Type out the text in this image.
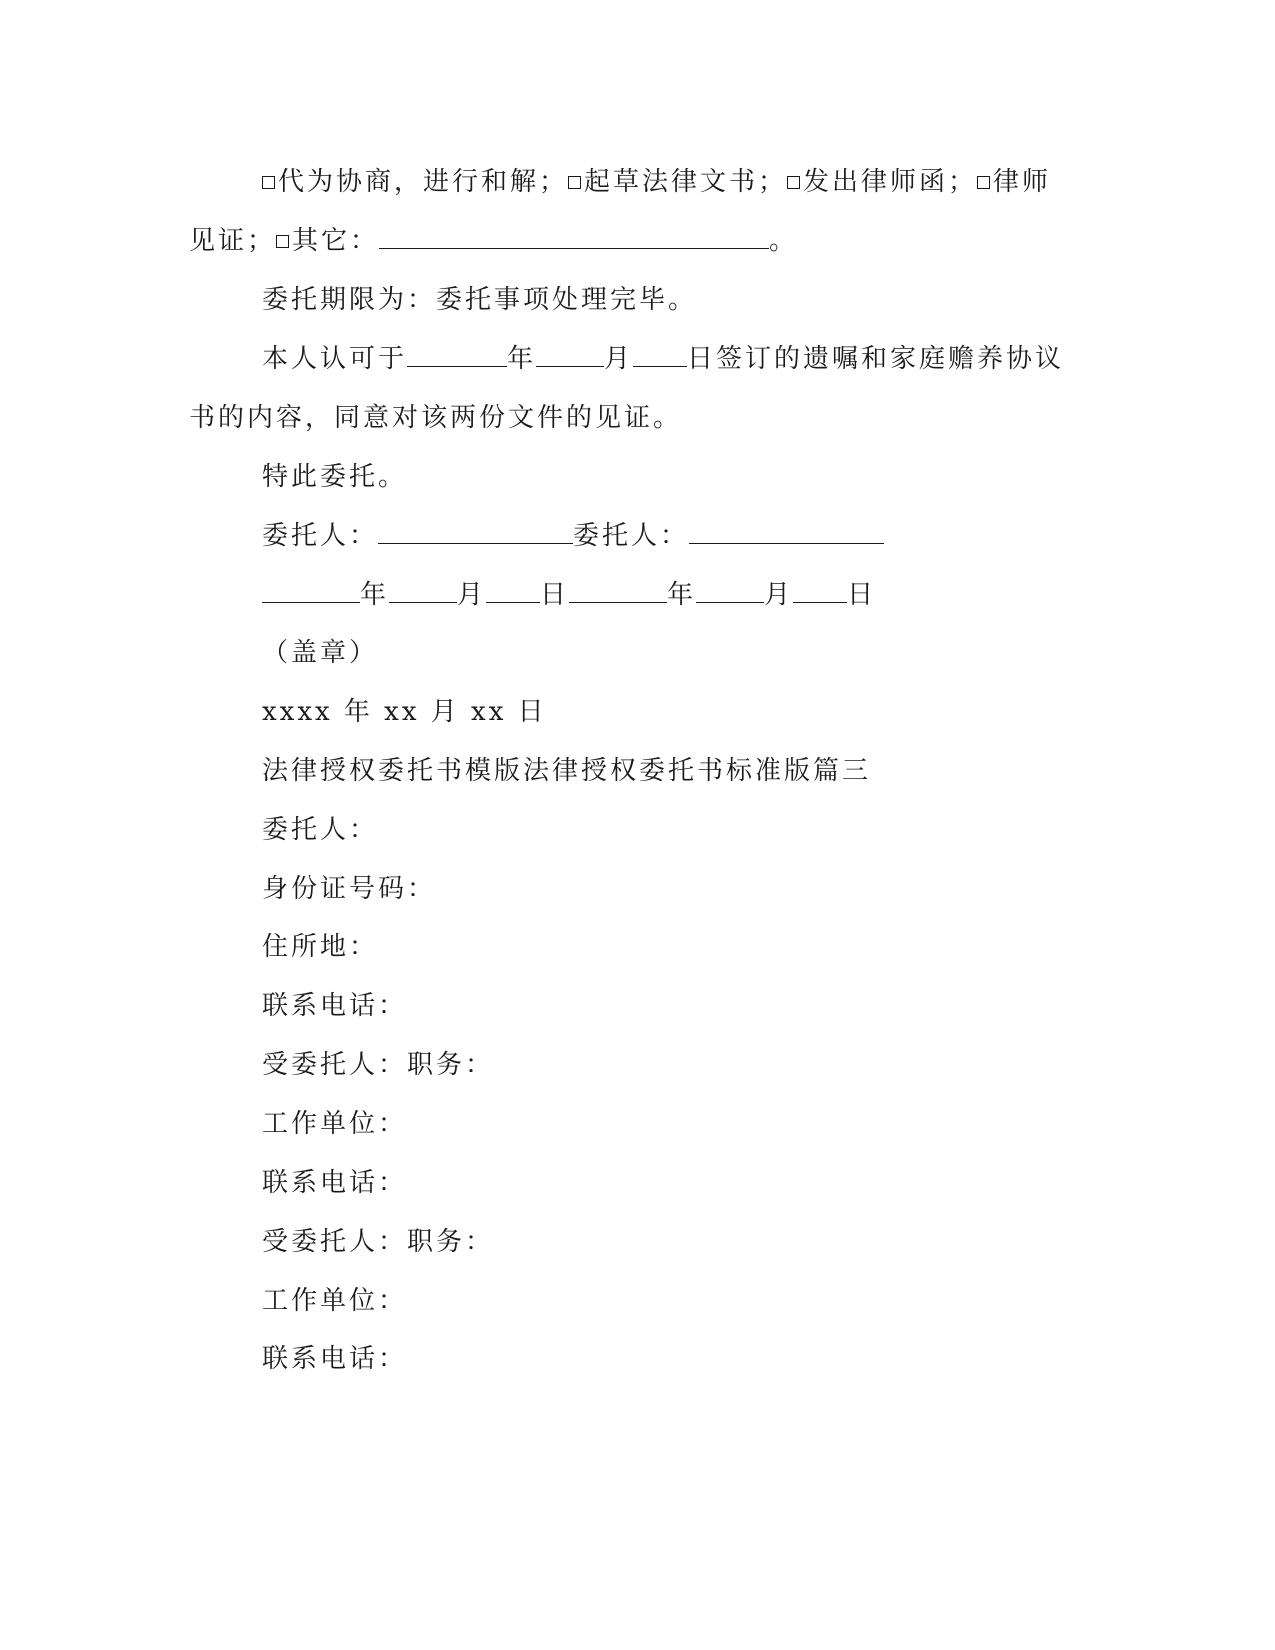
代为协商，进行和解； 起草法律文书； 发出律师函； 律师
见证； 其它：	。
委托期限为：委托事项处理完毕。
本人认可于	年	月 日签订的遗嘱和家庭赡养协议
书的内容，同意对该两份文件的见证。
特此委托。
委托人：	委托人：
年	月 日	年	月 日
（盖章）
xxxx 年 xx 月 xx 日
法律授权委托书模版法律授权委托书标准版篇三
委托人：
身份证号码：
住所地：
联系电话：
受委托人：职务：
工作单位：
联系电话：
受委托人：职务：
工作单位：
联系电话：
